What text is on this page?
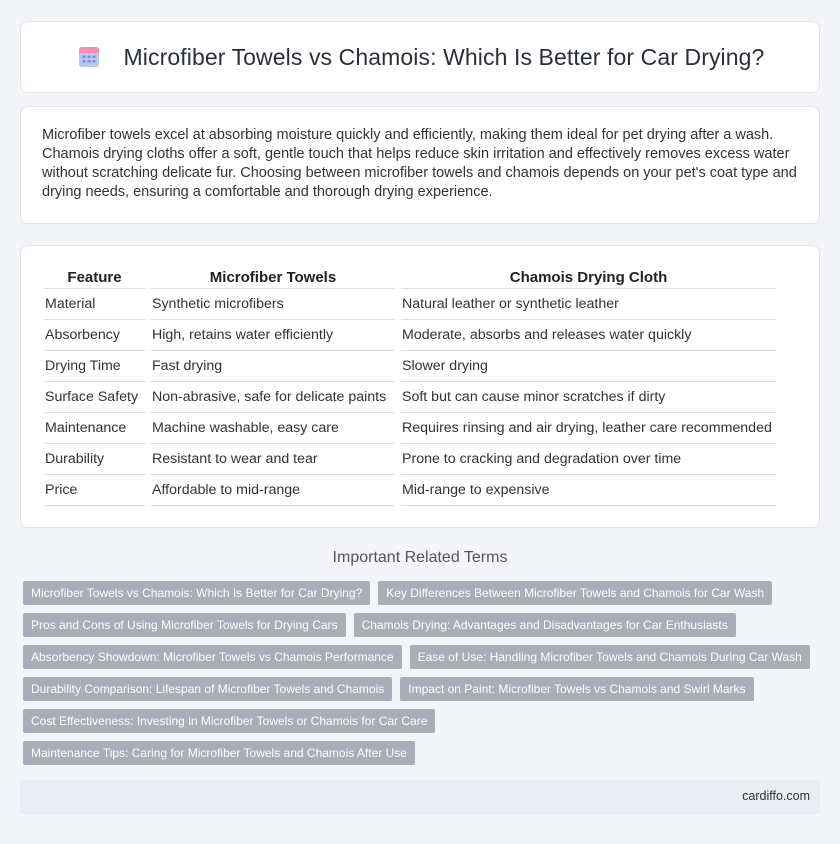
Microfiber Towels vs Chamois: Which Is Better for Car Drying?

Microfiber towels excel at absorbing moisture quickly and efficiently, making them ideal for pet drying after a wash. Chamois drying cloths offer a soft, gentle touch that helps reduce skin irritation and effectively removes excess water without scratching delicate fur. Choosing between microfiber towels and chamois depends on your pet's coat type and drying needs, ensuring a comfortable and thorough drying experience.

Feature	Microfiber Towels	Chamois Drying Cloth
Material	Synthetic microfibers	Natural leather or synthetic leather
Absorbency	High, retains water efficiently	Moderate, absorbs and releases water quickly
Drying Time	Fast drying	Slower drying
Surface Safety	Non-abrasive, safe for delicate paints	Soft but can cause minor scratches if dirty
Maintenance	Machine washable, easy care	Requires rinsing and air drying, leather care recommended
Durability	Resistant to wear and tear	Prone to cracking and degradation over time
Price	Affordable to mid-range	Mid-range to expensive
Important Related Terms
Microfiber Towels vs Chamois: Which Is Better for Car Drying?	Key Differences Between Microfiber Towels and Chamois for Car Wash
Pros and Cons of Using Microfiber Towels for Drying Cars	Chamois Drying: Advantages and Disadvantages for Car Enthusiasts
Absorbency Showdown: Microfiber Towels vs Chamois Performance	Ease of Use: Handling Microfiber Towels and Chamois During Car Wash
Durability Comparison: Lifespan of Microfiber Towels and Chamois	Impact on Paint: Microfiber Towels vs Chamois and Swirl Marks
Cost Effectiveness: Investing in Microfiber Towels or Chamois for Car Care
Maintenance Tips: Caring for Microfiber Towels and Chamois After Use
cardiffo.com
